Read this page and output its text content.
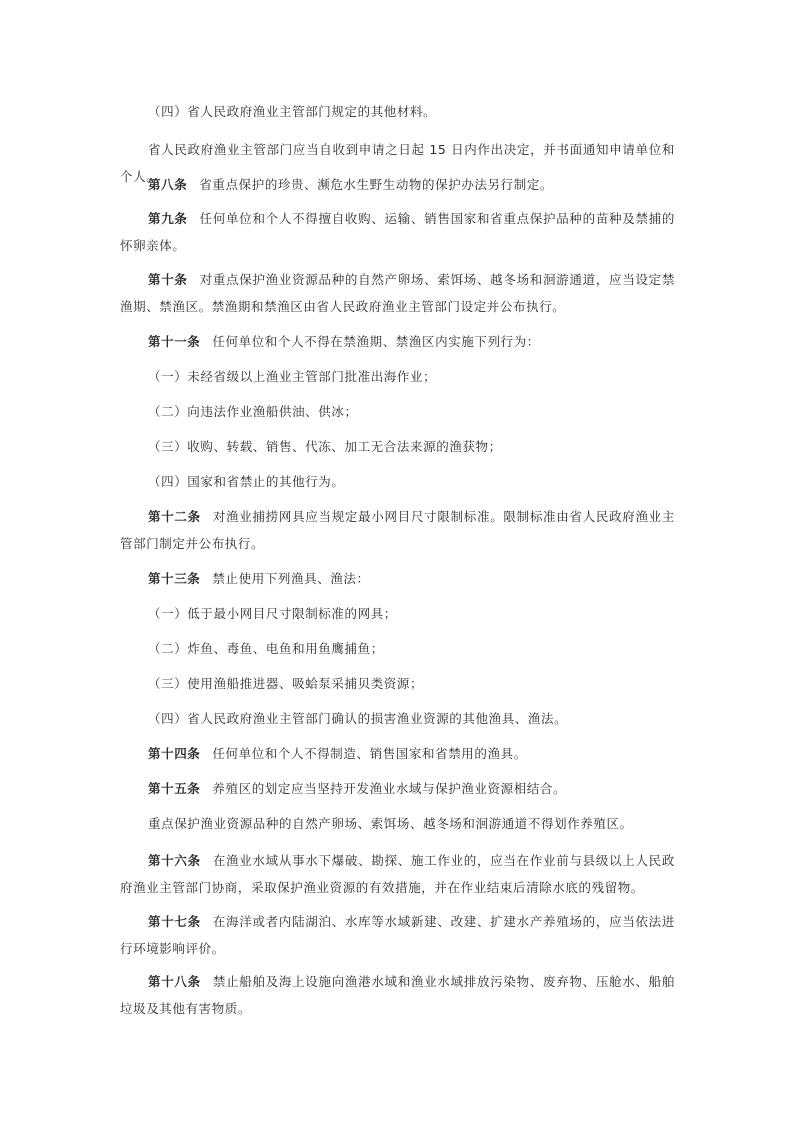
（四）省人民政府渔业主管部门规定的其他材料。

省人民政府渔业主管部门应当自收到申请之日起 15 日内作出决定，并书面通知申请单位和个人。

第八条 省重点保护的珍贵、濒危水生野生动物的保护办法另行制定。

第九条 任何单位和个人不得擅自收购、运输、销售国家和省重点保护品种的苗种及禁捕的怀卵亲体。

第十条 对重点保护渔业资源品种的自然产卵场、索饵场、越冬场和洄游通道，应当设定禁渔期、禁渔区。禁渔期和禁渔区由省人民政府渔业主管部门设定并公布执行。

第十一条 任何单位和个人不得在禁渔期、禁渔区内实施下列行为：

（一）未经省级以上渔业主管部门批准出海作业；

（二）向违法作业渔船供油、供冰；

（三）收购、转载、销售、代冻、加工无合法来源的渔获物；

（四）国家和省禁止的其他行为。

第十二条 对渔业捕捞网具应当规定最小网目尺寸限制标准。限制标准由省人民政府渔业主管部门制定并公布执行。

第十三条 禁止使用下列渔具、渔法：

（一）低于最小网目尺寸限制标准的网具；

（二）炸鱼、毒鱼、电鱼和用鱼鹰捕鱼；

（三）使用渔船推进器、吸蛤泵采捕贝类资源；

（四）省人民政府渔业主管部门确认的损害渔业资源的其他渔具、渔法。

第十四条 任何单位和个人不得制造、销售国家和省禁用的渔具。

第十五条 养殖区的划定应当坚持开发渔业水域与保护渔业资源相结合。

重点保护渔业资源品种的自然产卵场、索饵场、越冬场和洄游通道不得划作养殖区。

第十六条 在渔业水域从事水下爆破、勘探、施工作业的，应当在作业前与县级以上人民政府渔业主管部门协商，采取保护渔业资源的有效措施，并在作业结束后清除水底的残留物。

第十七条 在海洋或者内陆湖泊、水库等水域新建、改建、扩建水产养殖场的，应当依法进行环境影响评价。

第十八条 禁止船舶及海上设施向渔港水域和渔业水域排放污染物、废弃物、压舱水、船舶垃圾及其他有害物质。
